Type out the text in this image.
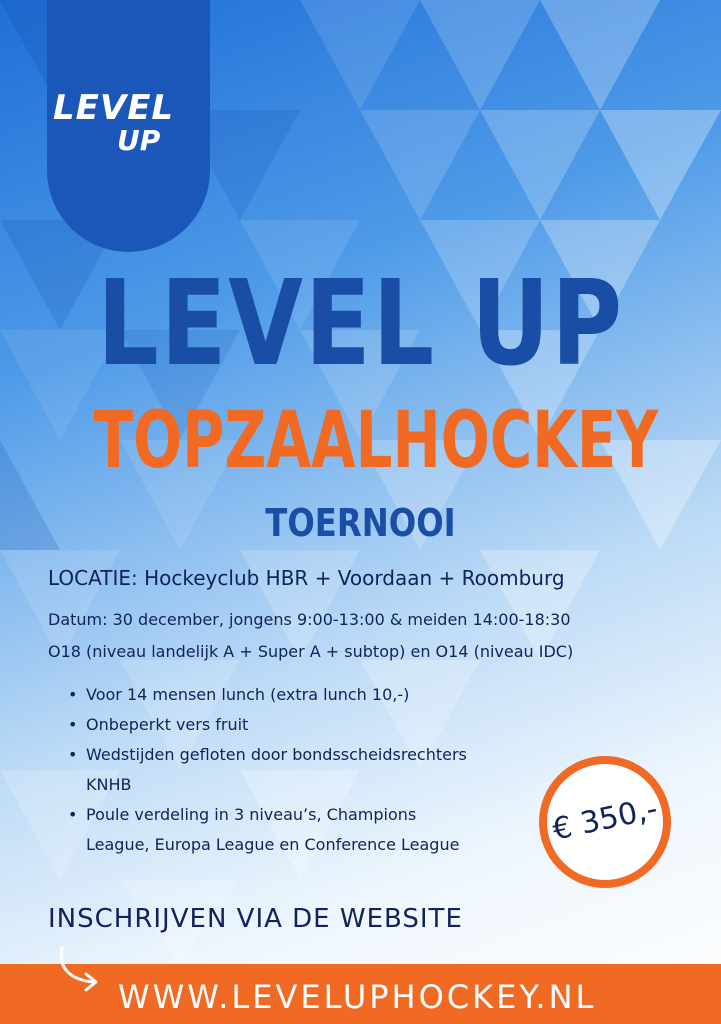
LEVEL
UP
LEVEL UP
TOPZAALHOCKEY
TOERNOOI
LOCATIE: Hockeyclub HBR + Voordaan + Roomburg
Datum: 30 december, jongens 9:00-13:00 & meiden 14:00-18:30
O18 (niveau landelijk A + Super A + subtop) en O14 (niveau IDC)
• Voor 14 mensen lunch (extra lunch 10,-)
• Onbeperkt vers fruit
• Wedstijden gefloten door bondsscheidsrechters
KNHB
• Poule verdeling in 3 niveau’s, Champions
League, Europa League en Conference League	€ 350,-
INSCHRIJVEN VIA DE WEBSITE
WWW.LEVELUPHOCKEY.NL
